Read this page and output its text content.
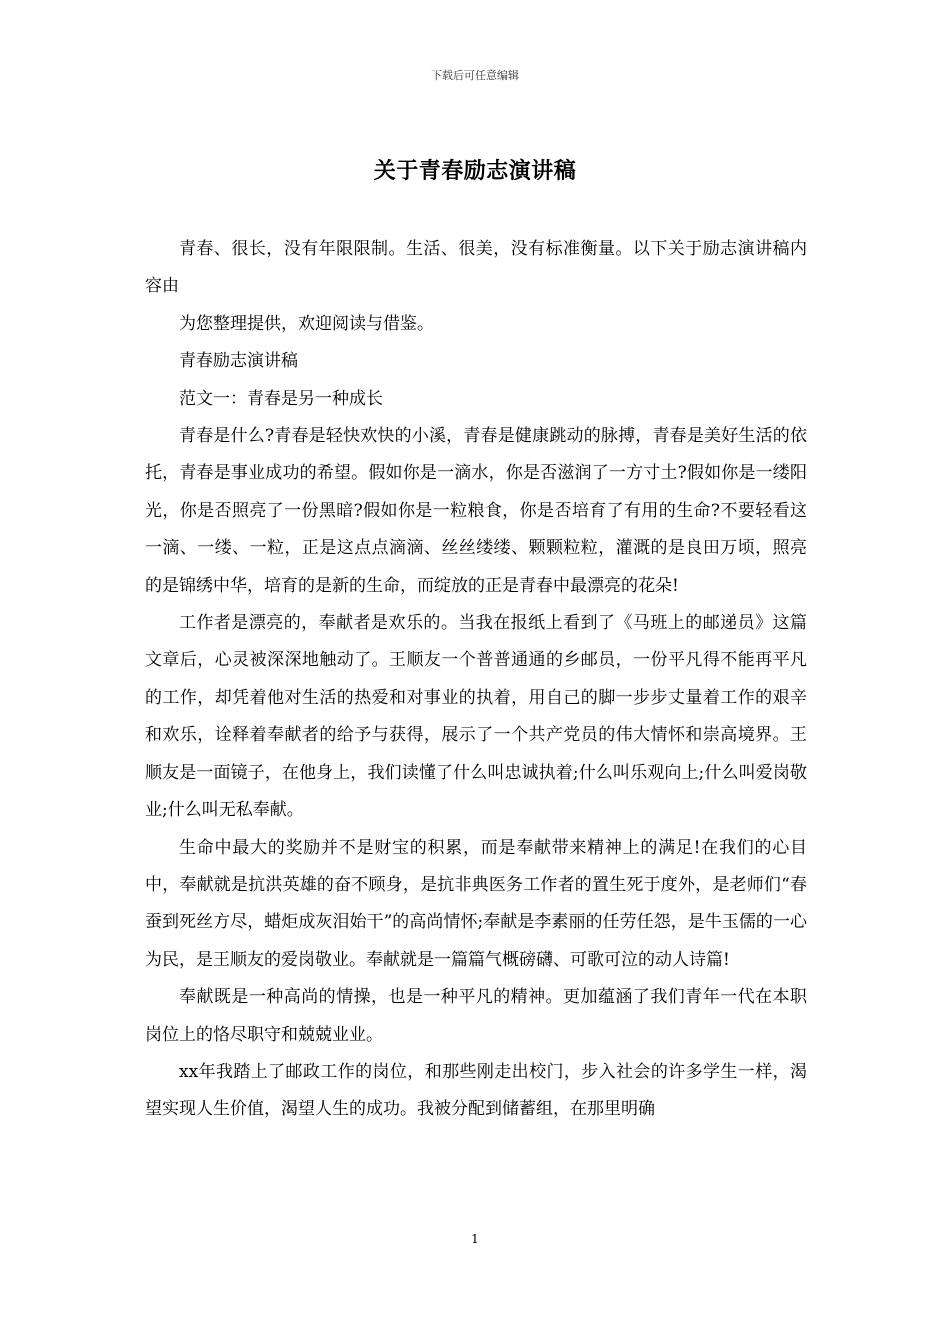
下载后可任意编辑
关于青春励志演讲稿

青春、很长，没有年限限制。生活、很美，没有标准衡量。以下关于励志演讲稿内容由

为您整理提供，欢迎阅读与借鉴。

青春励志演讲稿

范文一：青春是另一种成长

青春是什么?青春是轻快欢快的小溪，青春是健康跳动的脉搏，青春是美好生活的依托，青春是事业成功的希望。假如你是一滴水，你是否滋润了一方寸土?假如你是一缕阳光，你是否照亮了一份黑暗?假如你是一粒粮食，你是否培育了有用的生命?不要轻看这一滴、一缕、一粒，正是这点点滴滴、丝丝缕缕、颗颗粒粒，灌溉的是良田万顷，照亮的是锦绣中华，培育的是新的生命，而绽放的正是青春中最漂亮的花朵!

工作者是漂亮的，奉献者是欢乐的。当我在报纸上看到了《马班上的邮递员》这篇文章后，心灵被深深地触动了。王顺友一个普普通通的乡邮员，一份平凡得不能再平凡的工作，却凭着他对生活的热爱和对事业的执着，用自己的脚一步步丈量着工作的艰辛和欢乐，诠释着奉献者的给予与获得，展示了一个共产党员的伟大情怀和崇高境界。王顺友是一面镜子，在他身上，我们读懂了什么叫忠诚执着;什么叫乐观向上;什么叫爱岗敬业;什么叫无私奉献。

生命中最大的奖励并不是财宝的积累，而是奉献带来精神上的满足!在我们的心目中，奉献就是抗洪英雄的奋不顾身，是抗非典医务工作者的置生死于度外，是老师们“春蚕到死丝方尽，蜡炬成灰泪始干”的高尚情怀;奉献是李素丽的任劳任怨，是牛玉儒的一心为民，是王顺友的爱岗敬业。奉献就是一篇篇气概磅礴、可歌可泣的动人诗篇!

奉献既是一种高尚的情操，也是一种平凡的精神。更加蕴涵了我们青年一代在本职岗位上的恪尽职守和兢兢业业。

xx年我踏上了邮政工作的岗位，和那些刚走出校门，步入社会的许多学生一样，渴望实现人生价值，渴望人生的成功。我被分配到储蓄组，在那里明确

1
